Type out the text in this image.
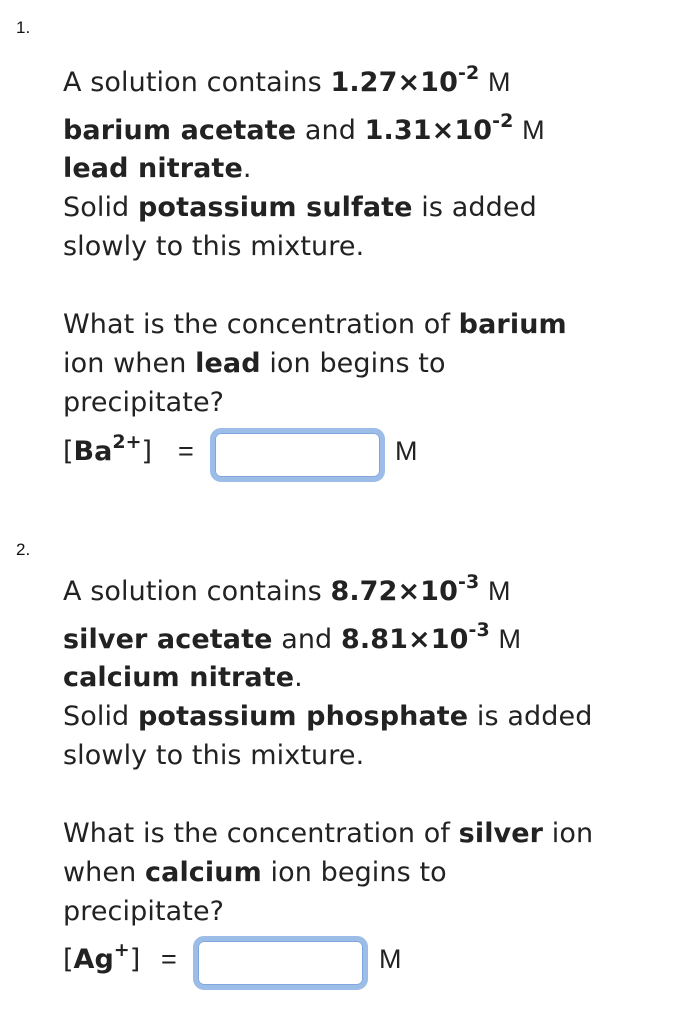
1.
A solution contains $1.27\times 10^{-2}$ M
barium acetate and $1.31\times 10^{-2}$ M
lead nitrate.
Solid potassium sulfate is added
slowly to this mixture.
What is the concentration of barium
ion when lead ion begins to
precipitate?
$[Ba^{2+}]$ =	M
2.
A solution contains $8.72\times 10^{-3}$ M
silver acetate and $8.81\times 10^{-3}$ M
calcium nitrate.
Solid potassium phosphate is added
slowly to this mixture.
What is the concentration of silver ion
when calcium ion begins to
precipitate?
[Ag+] =	M
